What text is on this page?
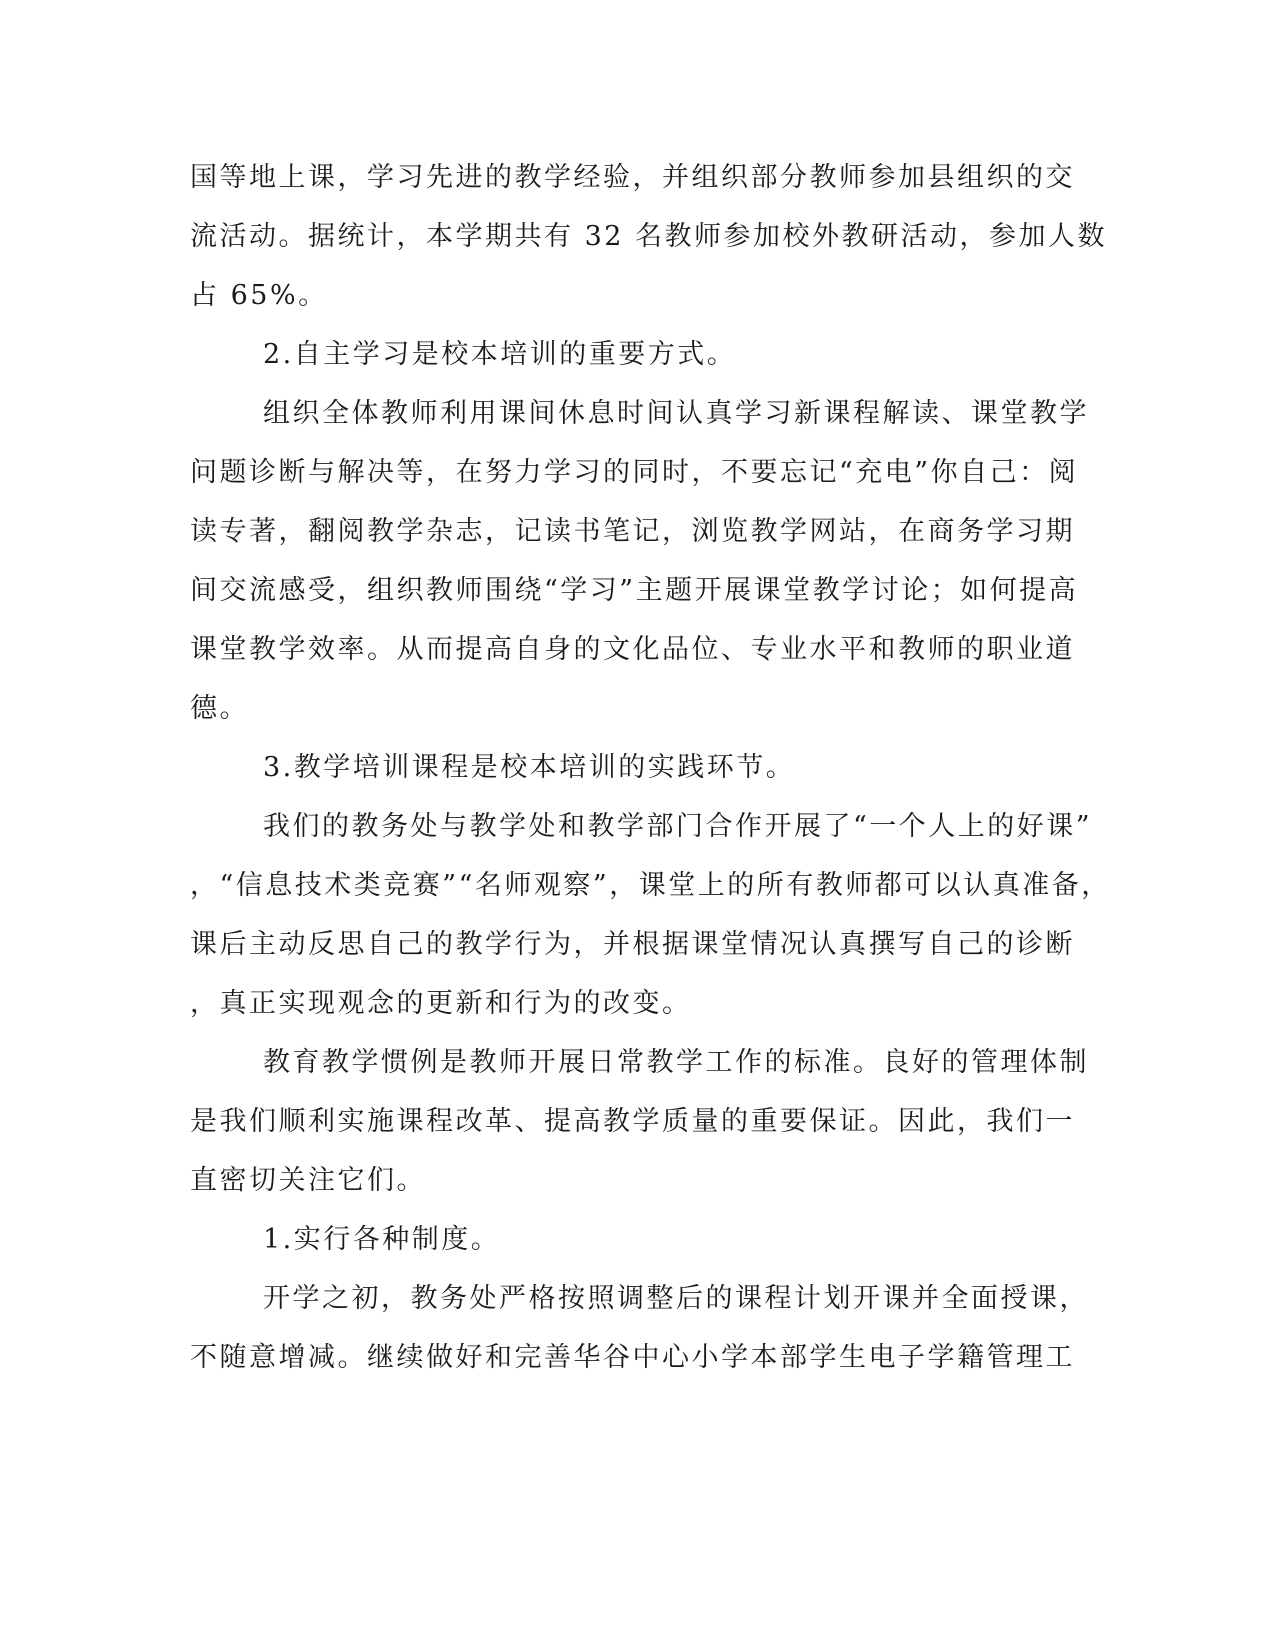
国等地上课，学习先进的教学经验，并组织部分教师参加县组织的交
流活动。据统计，本学期共有 32 名教师参加校外教研活动，参加人数
占 65%。
2.自主学习是校本培训的重要方式。
组织全体教师利用课间休息时间认真学习新课程解读、课堂教学
问题诊断与解决等，在努力学习的同时，不要忘记“充电”你自己：阅
读专著，翻阅教学杂志，记读书笔记，浏览教学网站，在商务学习期
间交流感受，组织教师围绕“学习”主题开展课堂教学讨论；如何提高
课堂教学效率。从而提高自身的文化品位、专业水平和教师的职业道
德。
3.教学培训课程是校本培训的实践环节。
我们的教务处与教学处和教学部门合作开展了“一个人上的好课”
，“信息技术类竞赛”“名师观察”，课堂上的所有教师都可以认真准备，
课后主动反思自己的教学行为，并根据课堂情况认真撰写自己的诊断
，真正实现观念的更新和行为的改变。
教育教学惯例是教师开展日常教学工作的标准。良好的管理体制
是我们顺利实施课程改革、提高教学质量的重要保证。因此，我们一
直密切关注它们。
1.实行各种制度。
开学之初，教务处严格按照调整后的课程计划开课并全面授课，
不随意增减。继续做好和完善华谷中心小学本部学生电子学籍管理工
